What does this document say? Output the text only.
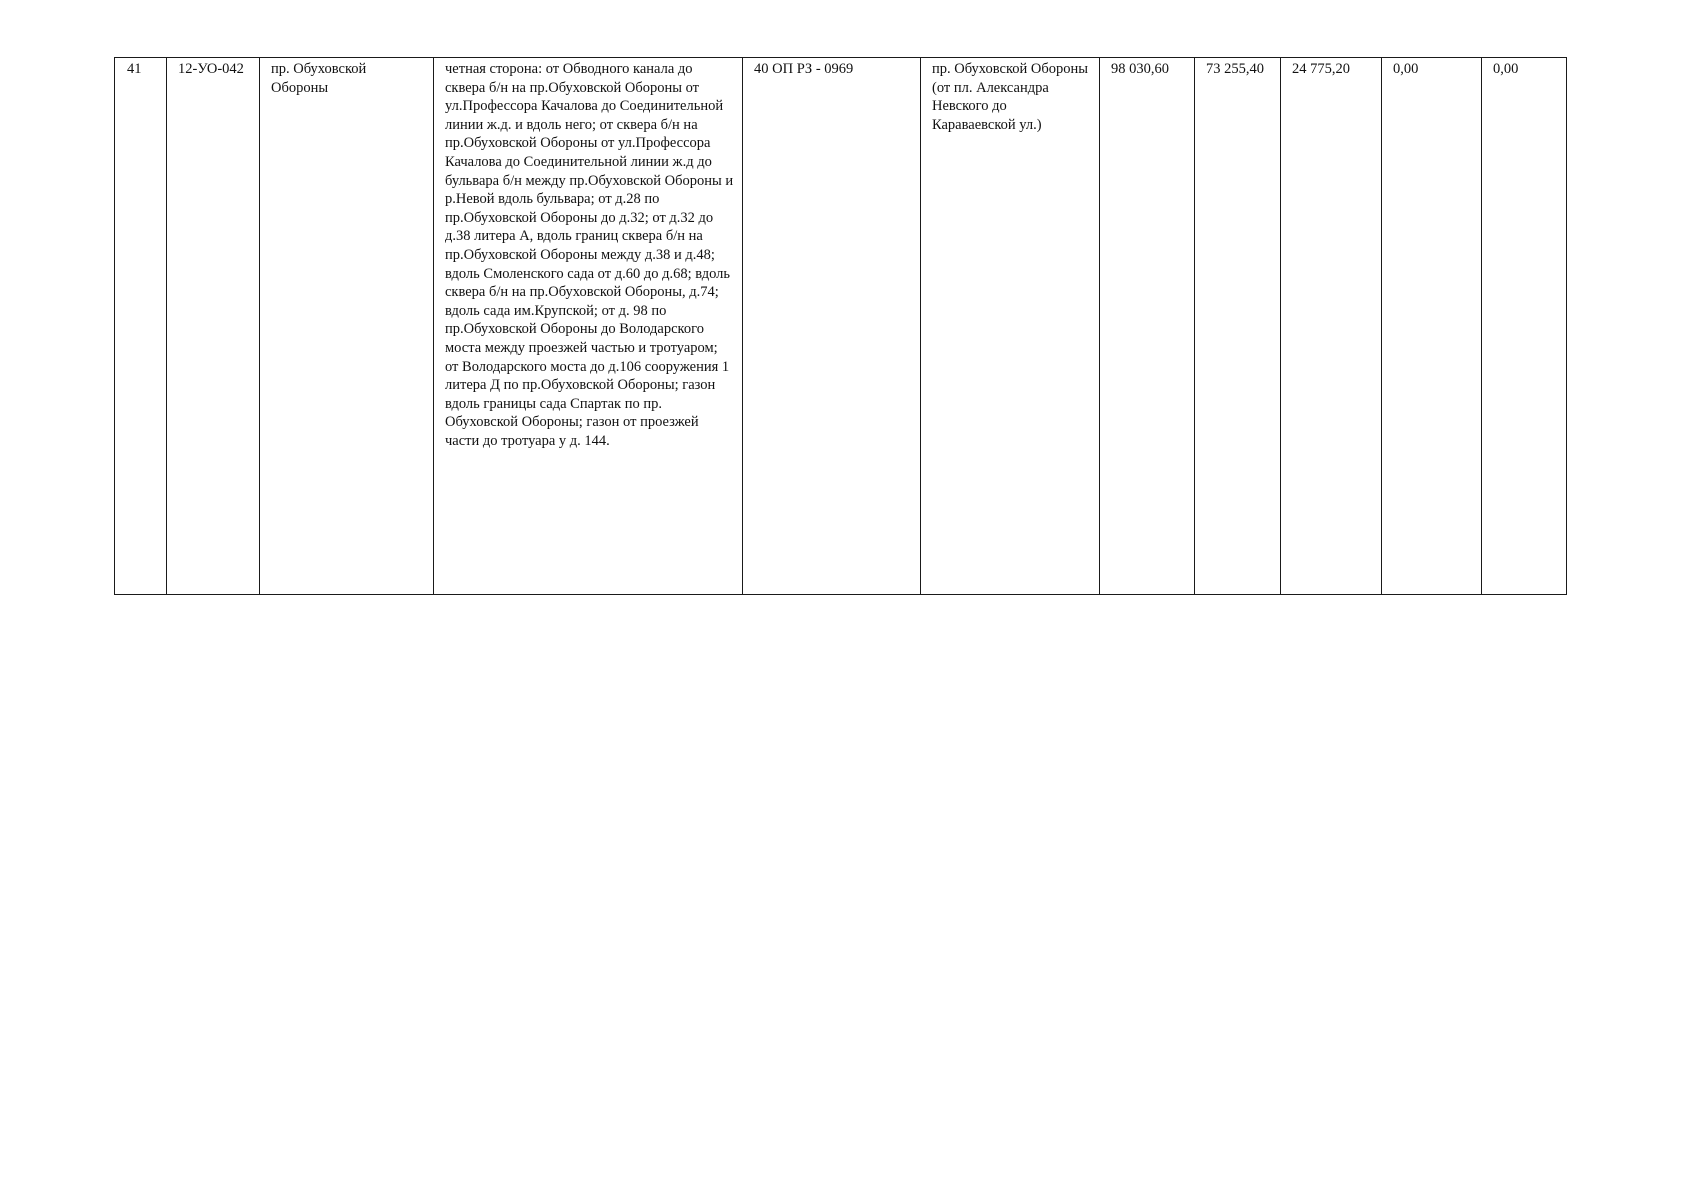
41	12-УО-042	пр. Обуховской Обороны	четная сторона: от Обводного канала до сквера б/н на пр.Обуховской Обороны от ул.Профессора Качалова до Соединительной линии ж.д. и вдоль него; от сквера б/н на пр.Обуховской Обороны от ул.Профессора Качалова до Соединительной линии ж.д до бульвара б/н между пр.Обуховской Обороны и р.Невой вдоль бульвара; от д.28 по пр.Обуховской Обороны до д.32; от д.32 до д.38 литера А, вдоль границ сквера б/н на пр.Обуховской Обороны между д.38 и д.48; вдоль Смоленского сада от д.60 до д.68; вдоль сквера б/н на пр.Обуховской Обороны, д.74; вдоль сада им.Крупской; от д. 98 по пр.Обуховской Обороны до Володарского моста между проезжей частью и тротуаром; от Володарского моста до д.106 сооружения 1 литера Д по пр.Обуховской Обороны; газон вдоль границы сада Спартак по пр. Обуховской Обороны; газон от проезжей части до тротуара у д. 144.	40 ОП РЗ - 0969	пр. Обуховской Обороны (от пл. Александра Невского до Караваевской ул.)	98 030,60	73 255,40	24 775,20	0,00	0,00
